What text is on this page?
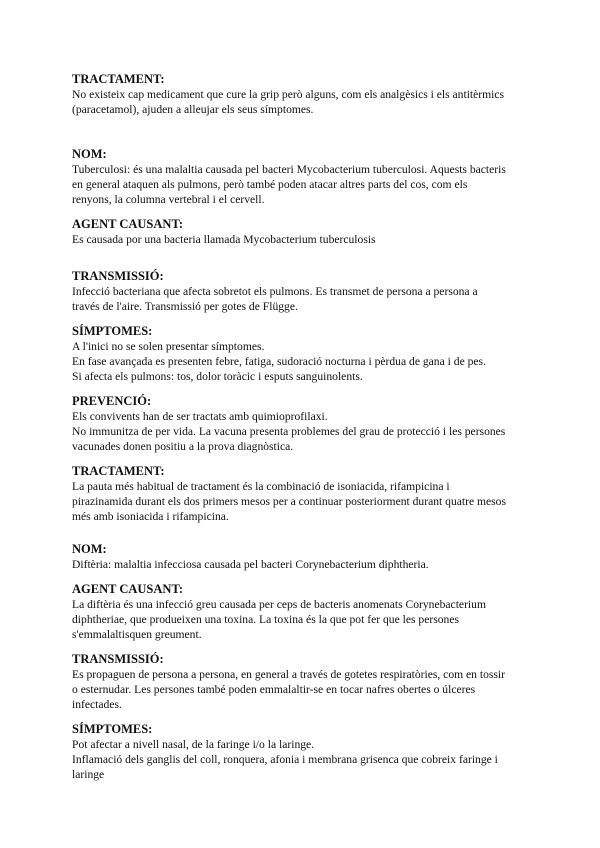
TRACTAMENT:
No existeix cap medicament que cure la grip però alguns, com els analgèsics i els antitèrmics
(paracetamol), ajuden a alleujar els seus símptomes.
NOM:
Tuberculosi: és una malaltia causada pel bacteri Mycobacterium tuberculosi. Aquests bacteris
en general ataquen als pulmons, però també poden atacar altres parts del cos, com els
renyons, la columna vertebral i el cervell.
AGENT CAUSANT:
Es causada por una bacteria llamada Mycobacterium tuberculosis
TRANSMISSIÓ:
Infecció bacteriana que afecta sobretot els pulmons. Es transmet de persona a persona a
través de l'aire. Transmissió per gotes de Flügge.
SÍMPTOMES:
A l'inici no se solen presentar símptomes.
En fase avançada es presenten febre, fatiga, sudoració nocturna i pèrdua de gana i de pes.
Si afecta els pulmons: tos, dolor toràcic i esputs sanguinolents.
PREVENCIÓ:
Els convivents han de ser tractats amb quimioprofilaxi.
No immunitza de per vida. La vacuna presenta problemes del grau de protecció i les persones
vacunades donen positiu a la prova diagnòstica.
TRACTAMENT:
La pauta més habitual de tractament és la combinació de isoniacida, rifampicina i
pirazinamida durant els dos primers mesos per a continuar posteriorment durant quatre mesos
més amb isoniacida i rifampicina.
NOM:
Diftèria: malaltia infecciosa causada pel bacteri Corynebacterium diphtheria.
AGENT CAUSANT:
La diftèria és una infecció greu causada per ceps de bacteris anomenats Corynebacterium
diphtheriae, que produeixen una toxina. La toxina és la que pot fer que les persones
s'emmalaltisquen greument.
TRANSMISSIÓ:
Es propaguen de persona a persona, en general a través de gotetes respiratòries, com en tossir
o esternudar. Les persones també poden emmalaltir-se en tocar nafres obertes o úlceres
infectades.
SÍMPTOMES:
Pot afectar a nivell nasal, de la faringe i/o la laringe.
Inflamació dels ganglis del coll, ronquera, afonia i membrana grisenca que cobreix faringe i
laringe
